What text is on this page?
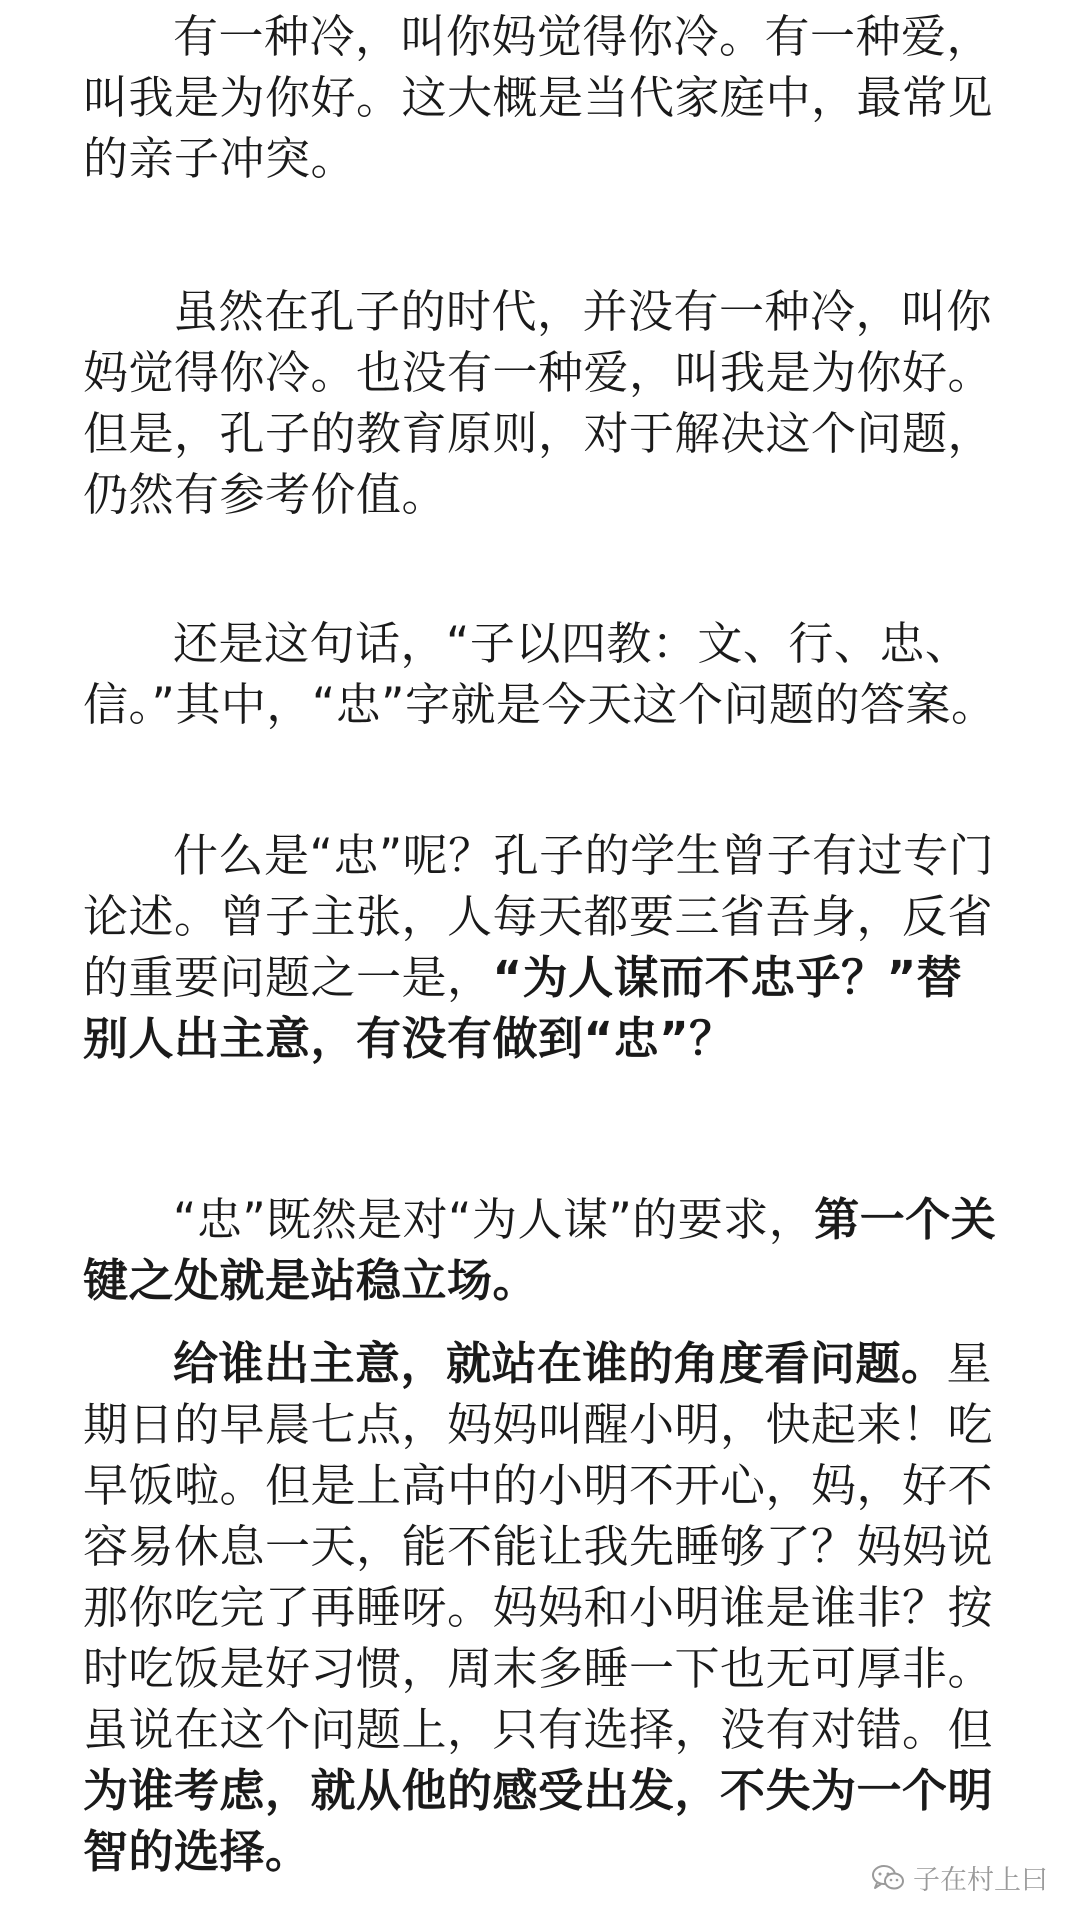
有一种冷，叫你妈觉得你冷。有一种爱，叫我是为你好。这大概是当代家庭中，最常见的亲子冲突。

虽然在孔子的时代，并没有一种冷，叫你妈觉得你冷。也没有一种爱，叫我是为你好。但是，孔子的教育原则，对于解决这个问题，仍然有参考价值。

还是这句话，“子以四教：文、行、忠、信。”其中，“忠”字就是今天这个问题的答案。

什么是“忠”呢？孔子的学生曾子有过专门论述。曾子主张，人每天都要三省吾身，反省的重要问题之一是，“为人谋而不忠乎？”替别人出主意，有没有做到“忠”？

“忠”既然是对“为人谋”的要求，第一个关键之处就是站稳立场。

给谁出主意，就站在谁的角度看问题。星期日的早晨七点，妈妈叫醒小明，快起来！吃早饭啦。但是上高中的小明不开心，妈，好不容易休息一天，能不能让我先睡够了？妈妈说那你吃完了再睡呀。妈妈和小明谁是谁非？按时吃饭是好习惯，周末多睡一下也无可厚非。虽说在这个问题上，只有选择，没有对错。但为谁考虑，就从他的感受出发，不失为一个明智的选择。

子在村上曰
